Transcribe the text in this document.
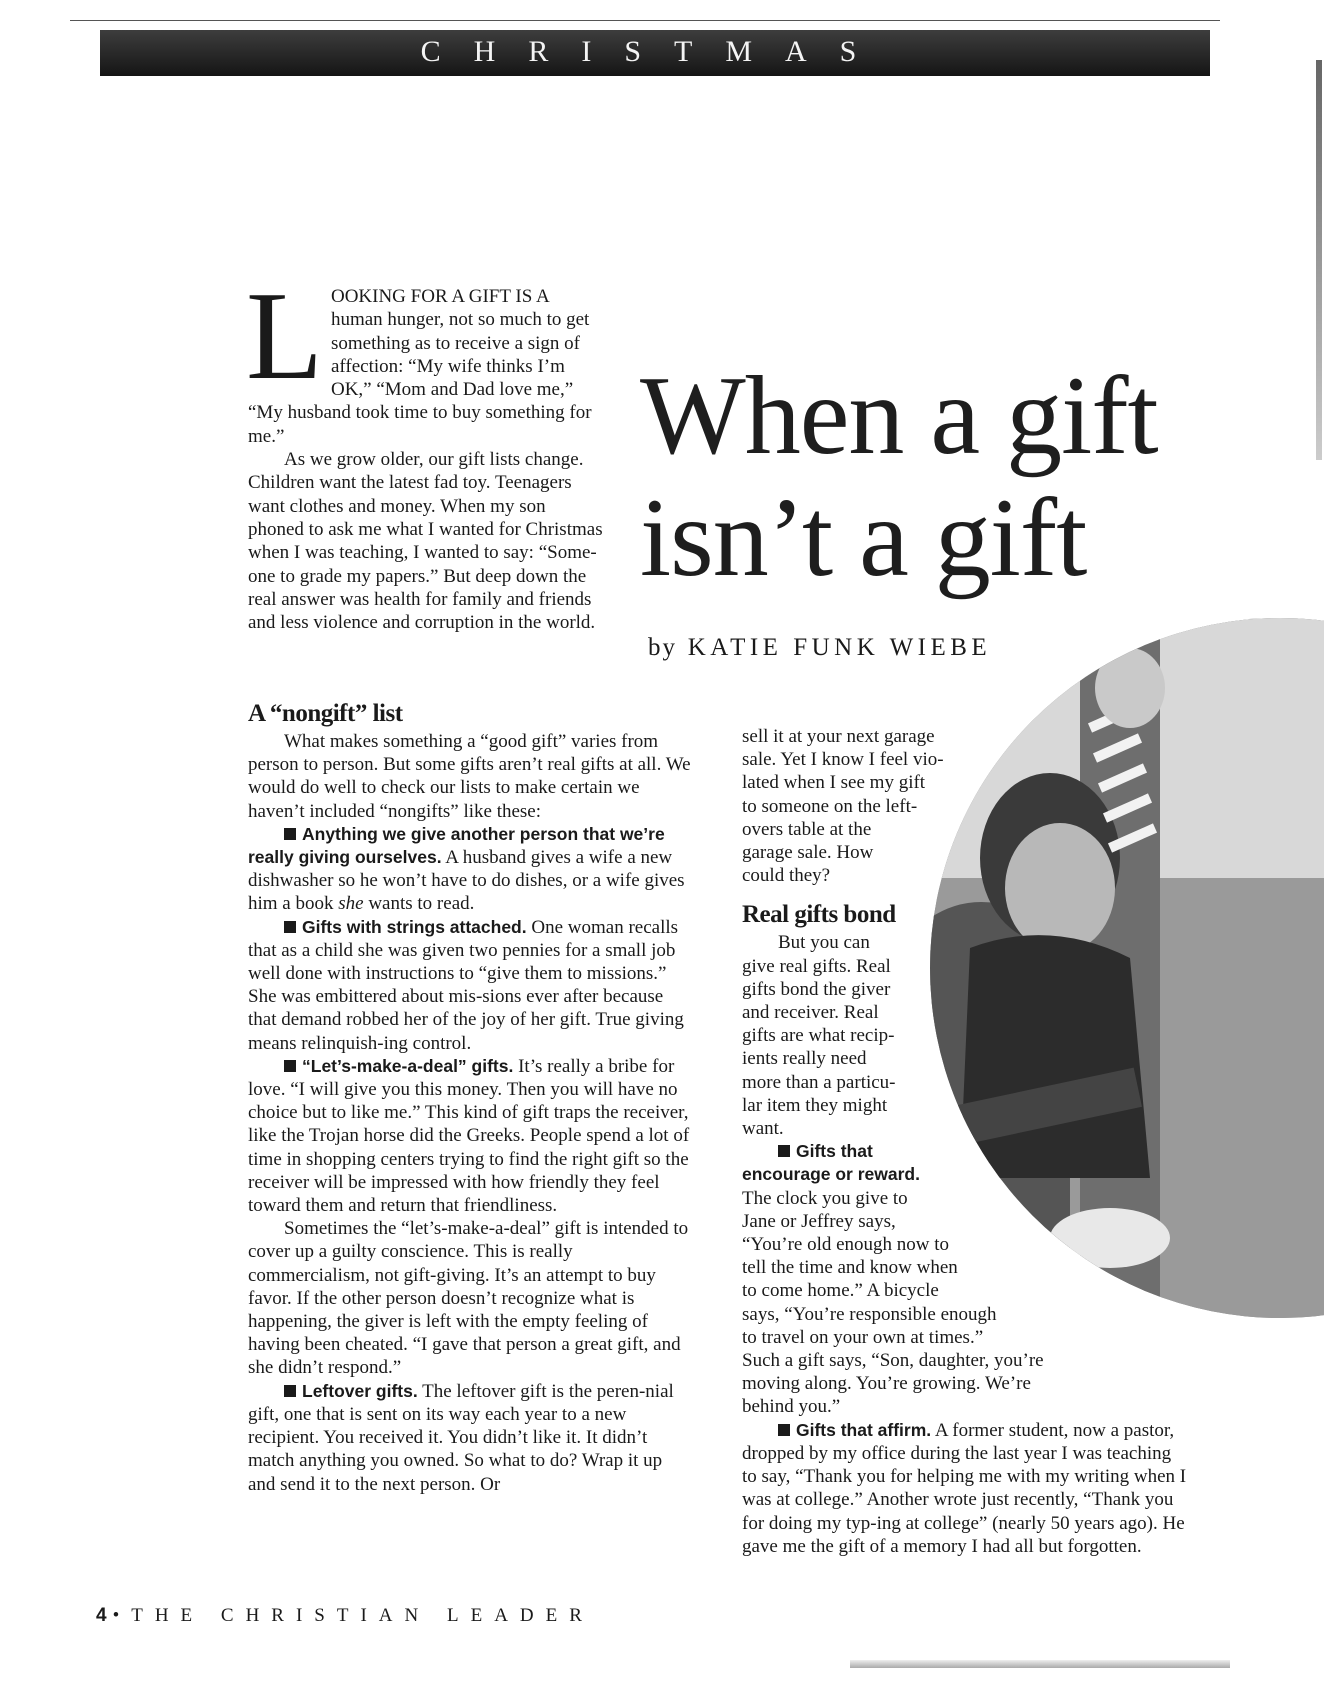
CHRISTMAS

LOOKING FOR A GIFT IS A human hunger, not so much to get something as to receive a sign of affection: “My wife thinks I’m OK,” “Mom and Dad love me,” “My husband took time to buy something for me.”

As we grow older, our gift lists change. Children want the latest fad toy. Teenagers want clothes and money. When my son phoned to ask me what I wanted for Christmas when I was teaching, I wanted to say: “Some-one to grade my papers.” But deep down the real answer was health for family and friends and less violence and corruption in the world.

When a gift
isn’t a gift
by KATIE FUNK WIEBE
A “nongift” list

What makes something a “good gift” varies from person to person. But some gifts aren’t real gifts at all. We would do well to check our lists to make certain we haven’t included “nongifts” like these:

Anything we give another person that we’re really giving ourselves. A husband gives a wife a new dishwasher so he won’t have to do dishes, or a wife gives him a book she wants to read.

Gifts with strings attached. One woman recalls that as a child she was given two pennies for a small job well done with instructions to “give them to missions.” She was embittered about mis-sions ever after because that demand robbed her of the joy of her gift. True giving means relinquish-ing control.

“Let’s-make-a-deal” gifts. It’s really a bribe for love. “I will give you this money. Then you will have no choice but to like me.” This kind of gift traps the receiver, like the Trojan horse did the Greeks. People spend a lot of time in shopping centers trying to find the right gift so the receiver will be impressed with how friendly they feel toward them and return that friendliness.

Sometimes the “let’s-make-a-deal” gift is intended to cover up a guilty conscience. This is really commercialism, not gift-giving. It’s an attempt to buy favor. If the other person doesn’t recognize what is happening, the giver is left with the empty feeling of having been cheated. “I gave that person a great gift, and she didn’t respond.”

Leftover gifts. The leftover gift is the peren-nial gift, one that is sent on its way each year to a new recipient. You received it. You didn’t like it. It didn’t match anything you owned. So what to do? Wrap it up and send it to the next person. Or

sell it at your next garage
sale. Yet I know I feel vio-
lated when I see my gift
to someone on the left-
overs table at the
garage sale. How
could they?

Real gifts bond

But you can
give real gifts. Real
gifts bond the giver
and receiver. Real
gifts are what recip-
ients really need
more than a particu-
lar item they might
want.

Gifts that
encourage or reward.
The clock you give to
Jane or Jeffrey says,
“You’re old enough now to
tell the time and know when
to come home.” A bicycle
says, “You’re responsible enough
to travel on your own at times.”
Such a gift says, “Son, daughter, you’re
moving along. You’re growing. We’re
behind you.”

Gifts that affirm. A former student, now a pastor, dropped by my office during the last year I was teaching to say, “Thank you for helping me with my writing when I was at college.” Another wrote just recently, “Thank you for doing my typ-ing at college” (nearly 50 years ago). He gave me the gift of a memory I had all but forgotten.

4•THE CHRISTIAN LEADER
